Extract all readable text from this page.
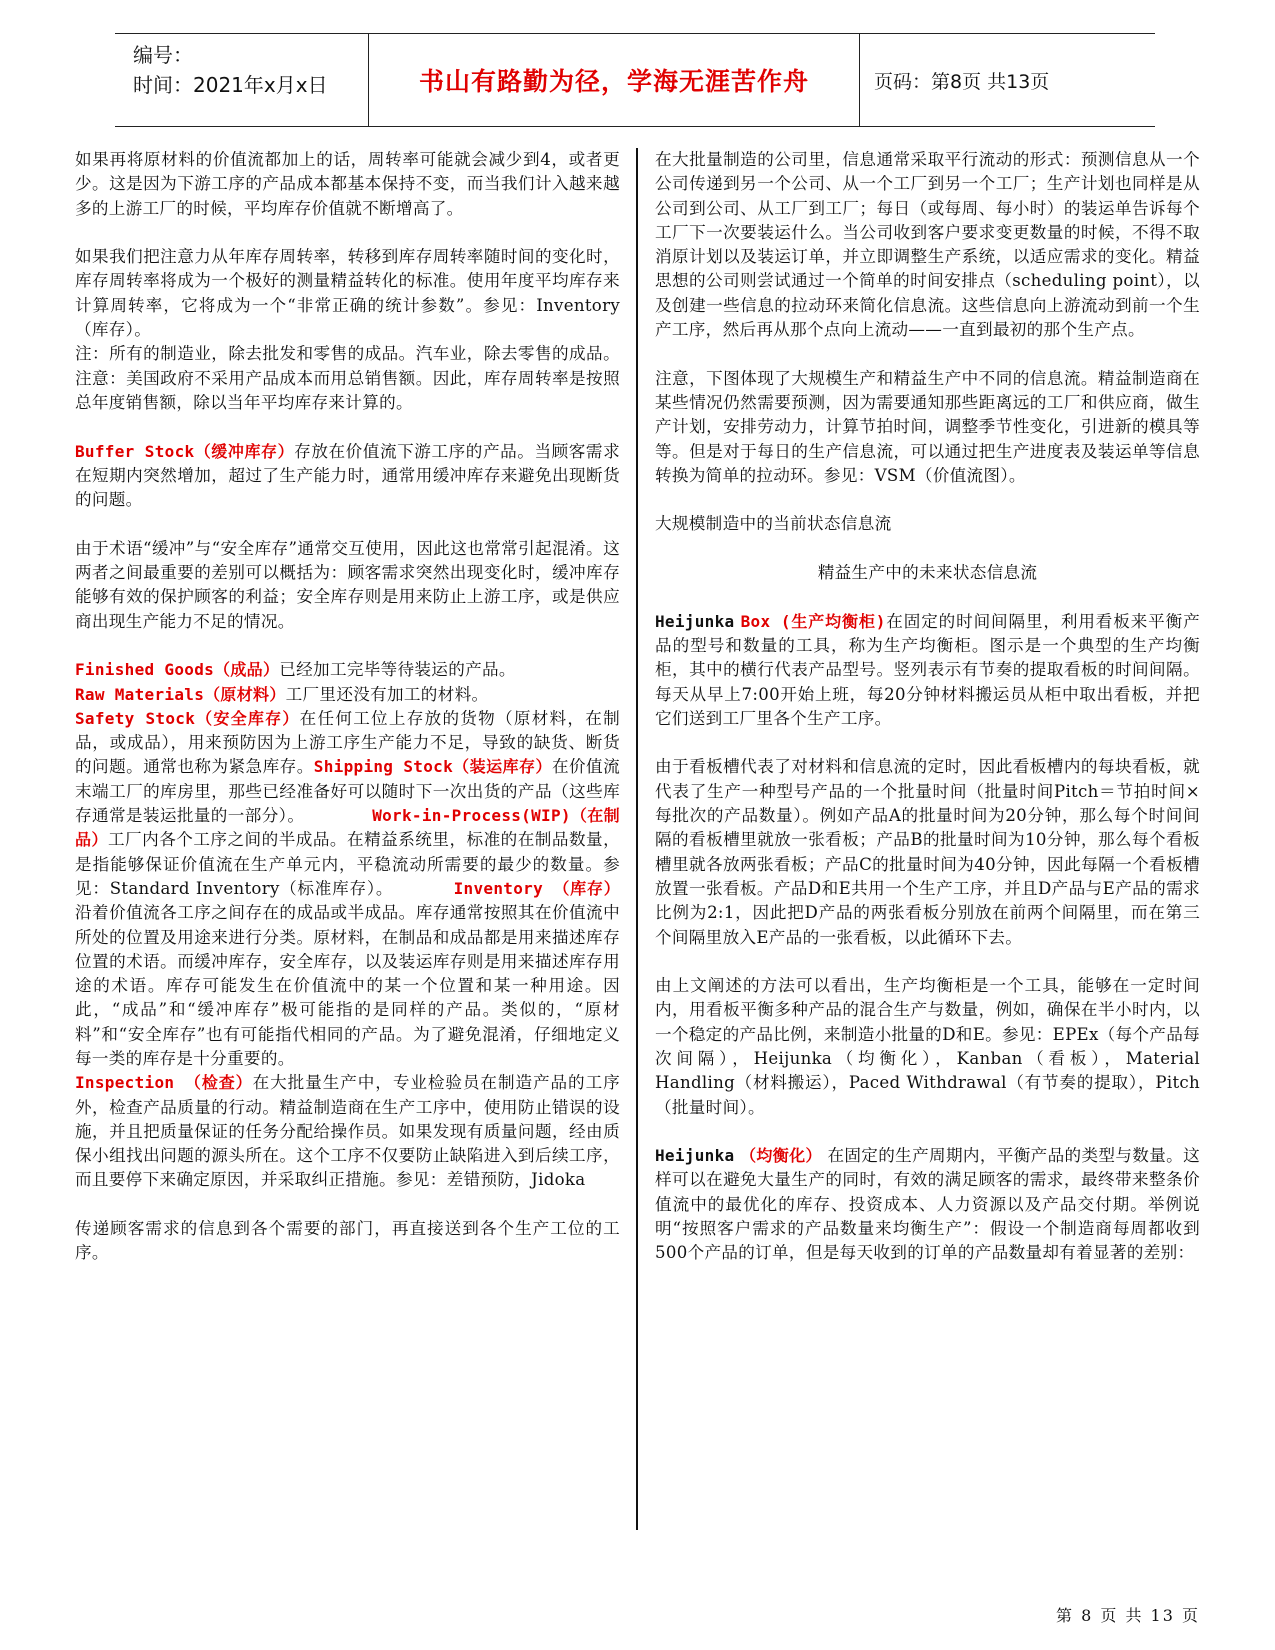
编号：
时间：2021年x月x日	书山有路勤为径，学海无涯苦作舟	页码：第8页 共13页

如果再将原材料的价值流都加上的话，周转率可能就会减少到4，或者更少。这是因为下游工序的产品成本都基本保持不变，而当我们计入越来越多的上游工厂的时候，平均库存价值就不断增高了。

如果我们把注意力从年库存周转率，转移到库存周转率随时间的变化时，库存周转率将成为一个极好的测量精益转化的标准。使用年度平均库存来计算周转率，它将成为一个“非常正确的统计参数”。参见：Inventory（库存）。

注：所有的制造业，除去批发和零售的成品。汽车业，除去零售的成品。注意：美国政府不采用产品成本而用总销售额。因此，库存周转率是按照总年度销售额，除以当年平均库存来计算的。

Buffer Stock（缓冲库存）存放在价值流下游工序的产品。当顾客需求在短期内突然增加，超过了生产能力时，通常用缓冲库存来避免出现断货的问题。

由于术语“缓冲”与“安全库存”通常交互使用，因此这也常常引起混淆。这两者之间最重要的差别可以概括为：顾客需求突然出现变化时，缓冲库存能够有效的保护顾客的利益；安全库存则是用来防止上游工序，或是供应商出现生产能力不足的情况。

Finished Goods（成品）已经加工完毕等待装运的产品。

Raw Materials（原材料）工厂里还没有加工的材料。

Safety Stock（安全库存）在任何工位上存放的货物（原材料，在制品，或成品），用来预防因为上游工序生产能力不足，导致的缺货、断货的问题。通常也称为紧急库存。Shipping Stock（装运库存）在价值流末端工厂的库房里，那些已经准备好可以随时下一次出货的产品（这些库存通常是装运批量的一部分）。	Work-in-Process(WIP)（在制品）工厂内各个工序之间的半成品。在精益系统里，标准的在制品数量，是指能够保证价值流在生产单元内，平稳流动所需要的最少的数量。参见：Standard Inventory（标准库存）。	Inventory （库存）沿着价值流各工序之间存在的成品或半成品。库存通常按照其在价值流中所处的位置及用途来进行分类。原材料，在制品和成品都是用来描述库存位置的术语。而缓冲库存，安全库存，以及装运库存则是用来描述库存用途的术语。库存可能发生在价值流中的某一个位置和某一种用途。因此，“成品”和“缓冲库存”极可能指的是同样的产品。类似的，“原材料”和“安全库存”也有可能指代相同的产品。为了避免混淆，仔细地定义每一类的库存是十分重要的。

Inspection （检查）在大批量生产中，专业检验员在制造产品的工序外，检查产品质量的行动。精益制造商在生产工序中，使用防止错误的设施，并且把质量保证的任务分配给操作员。如果发现有质量问题，经由质保小组找出问题的源头所在。这个工序不仅要防止缺陷进入到后续工序，而且要停下来确定原因，并采取纠正措施。参见：差错预防，Jidoka

传递顾客需求的信息到各个需要的部门，再直接送到各个生产工位的工序。

在大批量制造的公司里，信息通常采取平行流动的形式：预测信息从一个公司传递到另一个公司、从一个工厂到另一个工厂；生产计划也同样是从公司到公司、从工厂到工厂；每日（或每周、每小时）的装运单告诉每个工厂下一次要装运什么。当公司收到客户要求变更数量的时候，不得不取消原计划以及装运订单，并立即调整生产系统，以适应需求的变化。精益思想的公司则尝试通过一个简单的时间安排点（scheduling point），以及创建一些信息的拉动环来简化信息流。这些信息向上游流动到前一个生产工序，然后再从那个点向上流动——一直到最初的那个生产点。

注意，下图体现了大规模生产和精益生产中不同的信息流。精益制造商在某些情况仍然需要预测，因为需要通知那些距离远的工厂和供应商，做生产计划，安排劳动力，计算节拍时间，调整季节性变化，引进新的模具等等。但是对于每日的生产信息流，可以通过把生产进度表及装运单等信息转换为简单的拉动环。参见：VSM（价值流图）。

大规模制造中的当前状态信息流

精益生产中的未来状态信息流

Heijunka Box (生产均衡柜)在固定的时间间隔里，利用看板来平衡产品的型号和数量的工具，称为生产均衡柜。图示是一个典型的生产均衡柜，其中的横行代表产品型号。竖列表示有节奏的提取看板的时间间隔。每天从早上7:00开始上班，每20分钟材料搬运员从柜中取出看板，并把它们送到工厂里各个生产工序。

由于看板槽代表了对材料和信息流的定时，因此看板槽内的每块看板，就代表了生产一种型号产品的一个批量时间（批量时间Pitch＝节拍时间×每批次的产品数量）。例如产品A的批量时间为20分钟，那么每个时间间隔的看板槽里就放一张看板；产品B的批量时间为10分钟，那么每个看板槽里就各放两张看板；产品C的批量时间为40分钟，因此每隔一个看板槽放置一张看板。产品D和E共用一个生产工序，并且D产品与E产品的需求比例为2:1，因此把D产品的两张看板分别放在前两个间隔里，而在第三个间隔里放入E产品的一张看板，以此循环下去。

由上文阐述的方法可以看出，生产均衡柜是一个工具，能够在一定时间内，用看板平衡多种产品的混合生产与数量，例如，确保在半小时内，以一个稳定的产品比例，来制造小批量的D和E。参见：EPEx（每个产品每次间隔），Heijunka（均衡化），Kanban（看板），Material Handling（材料搬运），Paced Withdrawal（有节奏的提取），Pitch（批量时间）。

Heijunka （均衡化） 在固定的生产周期内，平衡产品的类型与数量。这样可以在避免大量生产的同时，有效的满足顾客的需求，最终带来整条价值流中的最优化的库存、投资成本、人力资源以及产品交付期。举例说明“按照客户需求的产品数量来均衡生产”：假设一个制造商每周都收到500个产品的订单，但是每天收到的订单的产品数量却有着显著的差别：

第 8 页 共 13 页
